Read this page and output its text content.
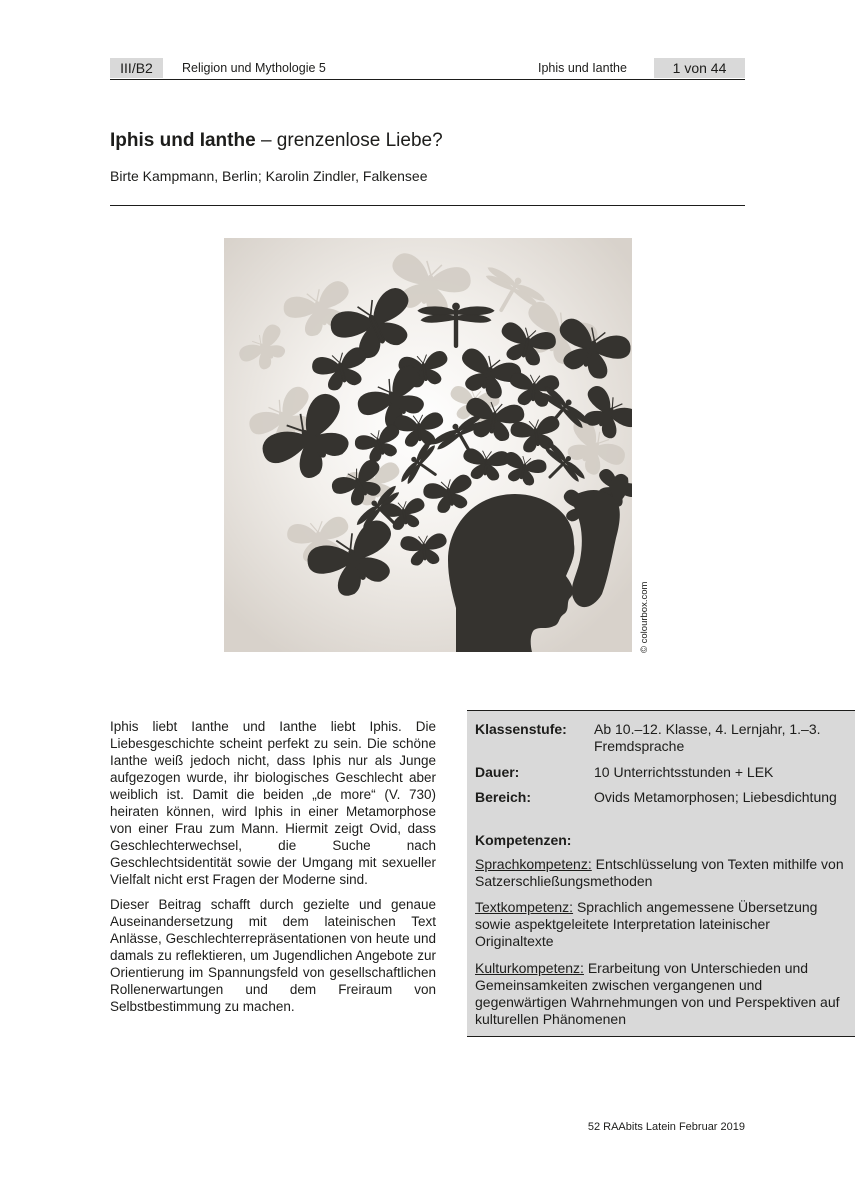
III/B2	Religion und Mythologie 5	Iphis und Ianthe	1 von 44
Iphis und Ianthe – grenzenlose Liebe?
Birte Kampmann, Berlin; Karolin Zindler, Falkensee
© colourbox.com

Iphis liebt Ianthe und Ianthe liebt Iphis. Die Liebesgeschichte scheint perfekt zu sein. Die schöne Ianthe weiß jedoch nicht, dass Iphis nur als Junge aufgezogen wurde, ihr biologisches Geschlecht aber weiblich ist. Damit die beiden „de more“ (V. 730) heiraten können, wird Iphis in einer Metamorphose von einer Frau zum Mann. Hiermit zeigt Ovid, dass Geschlechterwechsel, die Suche nach Geschlechtsidentität sowie der Umgang mit sexueller Vielfalt nicht erst Fragen der Moderne sind.

Dieser Beitrag schafft durch gezielte und genaue Auseinandersetzung mit dem lateinischen Text Anlässe, Geschlechterrepräsentationen von heute und damals zu reflektieren, um Jugendlichen Angebote zur Orientierung im Spannungsfeld von gesellschaftlichen Rollenerwartungen und dem Freiraum von Selbstbestimmung zu machen.

Klassenstufe: Ab 10.–12. Klasse, 4. Lernjahr, 1.–3. Fremdsprache
Dauer:	10 Unterrichtsstunden + LEK
Bereich:	Ovids Metamorphosen; Liebesdichtung
Kompetenzen:
Sprachkompetenz: Entschlüsselung von Texten mithilfe von Satzerschließungsmethoden
Textkompetenz: Sprachlich angemessene Übersetzung sowie aspektgeleitete Interpretation lateinischer Originaltexte
Kulturkompetenz: Erarbeitung von Unterschieden und Gemeinsamkeiten zwischen vergangenen und gegenwärtigen Wahrnehmungen von und Perspektiven auf kulturellen Phänomenen
52 RAAbits Latein Februar 2019
